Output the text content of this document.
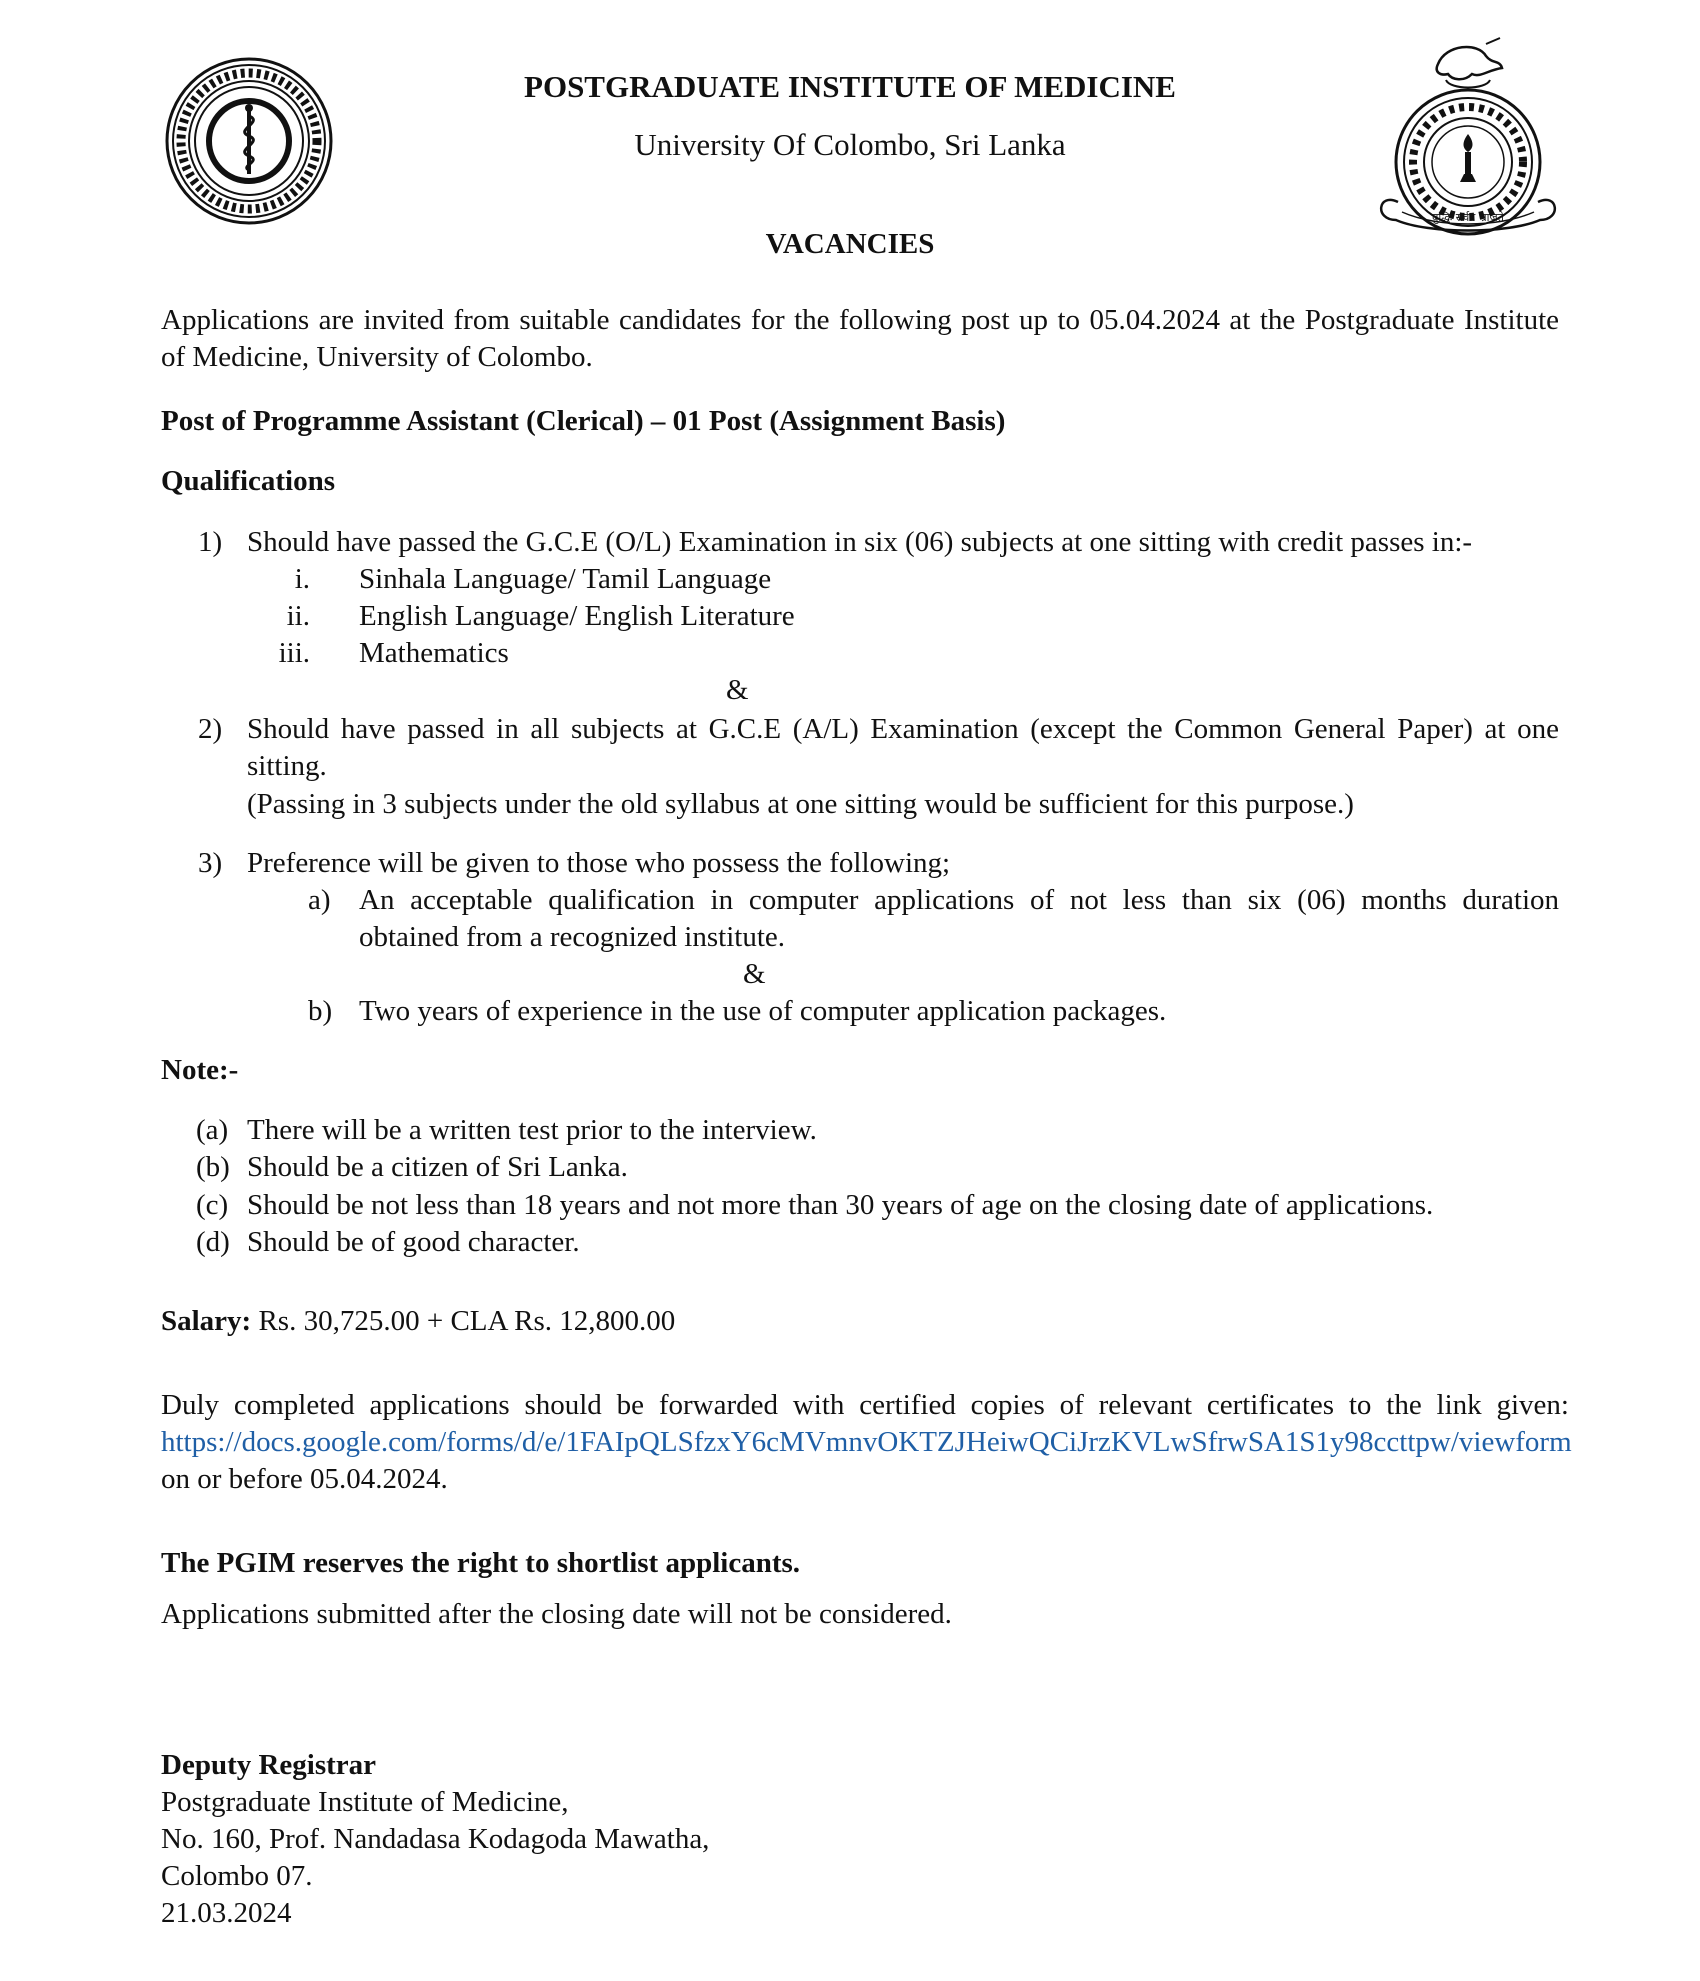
बुद्धिः सर्वत्र भ्राजते
POSTGRADUATE INSTITUTE OF MEDICINE
University Of Colombo, Sri Lanka
VACANCIES
Applications are invited from suitable candidates for the following post up to 05.04.2024 at the Postgraduate Institute
of Medicine, University of Colombo.
Post of Programme Assistant (Clerical) – 01 Post (Assignment Basis)
Qualifications
1) Should have passed the G.C.E (O/L) Examination in six (06) subjects at one sitting with credit passes in:-
i. Sinhala Language/ Tamil Language
ii. English Language/ English Literature
iii. Mathematics
&
2) Should have passed in all subjects at G.C.E (A/L) Examination (except the Common General Paper) at one
sitting.
(Passing in 3 subjects under the old syllabus at one sitting would be sufficient for this purpose.)
3) Preference will be given to those who possess the following;
a) An acceptable qualification in computer applications of not less than six (06) months duration
obtained from a recognized institute.
&
b) Two years of experience in the use of computer application packages.
Note:-
(a) There will be a written test prior to the interview.
(b) Should be a citizen of Sri Lanka.
(c) Should be not less than 18 years and not more than 30 years of age on the closing date of applications.
(d) Should be of good character.
Salary: Rs. 30,725.00 + CLA Rs. 12,800.00
Duly completed applications should be forwarded with certified copies of relevant certificates to the link given:
https://docs.google.com/forms/d/e/1FAIpQLSfzxY6cMVmnvOKTZJHeiwQCiJrzKVLwSfrwSA1S1y98ccttpw/viewform
on or before 05.04.2024.
The PGIM reserves the right to shortlist applicants.
Applications submitted after the closing date will not be considered.
Deputy Registrar
Postgraduate Institute of Medicine,
No. 160, Prof. Nandadasa Kodagoda Mawatha,
Colombo 07.
21.03.2024
